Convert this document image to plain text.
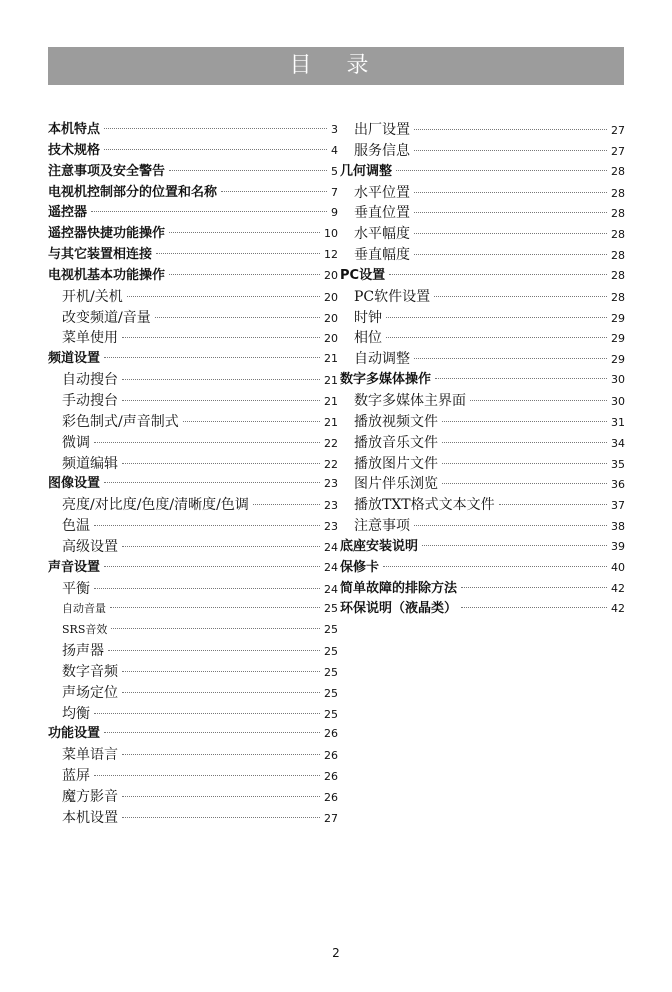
目 录
本机特点	3
技术规格	4
注意事项及安全警告	5
电视机控制部分的位置和名称	7
遥控器	9
遥控器快捷功能操作	10
与其它装置相连接	12
电视机基本功能操作	20
开机/关机	20
改变频道/音量	20
菜单使用	20
频道设置	21
自动搜台	21
手动搜台	21
彩色制式/声音制式	21
微调	22
频道编辑	22
图像设置	23
亮度/对比度/色度/清晰度/色调	23
色温	23
高级设置	24
声音设置	24
平衡	24
自动音量	25
SRS音效	25
扬声器	25
数字音频	25
声场定位	25
均衡	25
功能设置	26
菜单语言	26
蓝屏	26
魔方影音	26
本机设置	27
出厂设置	27
服务信息	27
几何调整	28
水平位置	28
垂直位置	28
水平幅度	28
垂直幅度	28
PC设置	28
PC软件设置	28
时钟	29
相位	29
自动调整	29
数字多媒体操作	30
数字多媒体主界面	30
播放视频文件	31
播放音乐文件	34
播放图片文件	35
图片伴乐浏览	36
播放TXT格式文本文件	37
注意事项	38
底座安装说明	39
保修卡	40
简单故障的排除方法	42
环保说明（液晶类）	42
2
